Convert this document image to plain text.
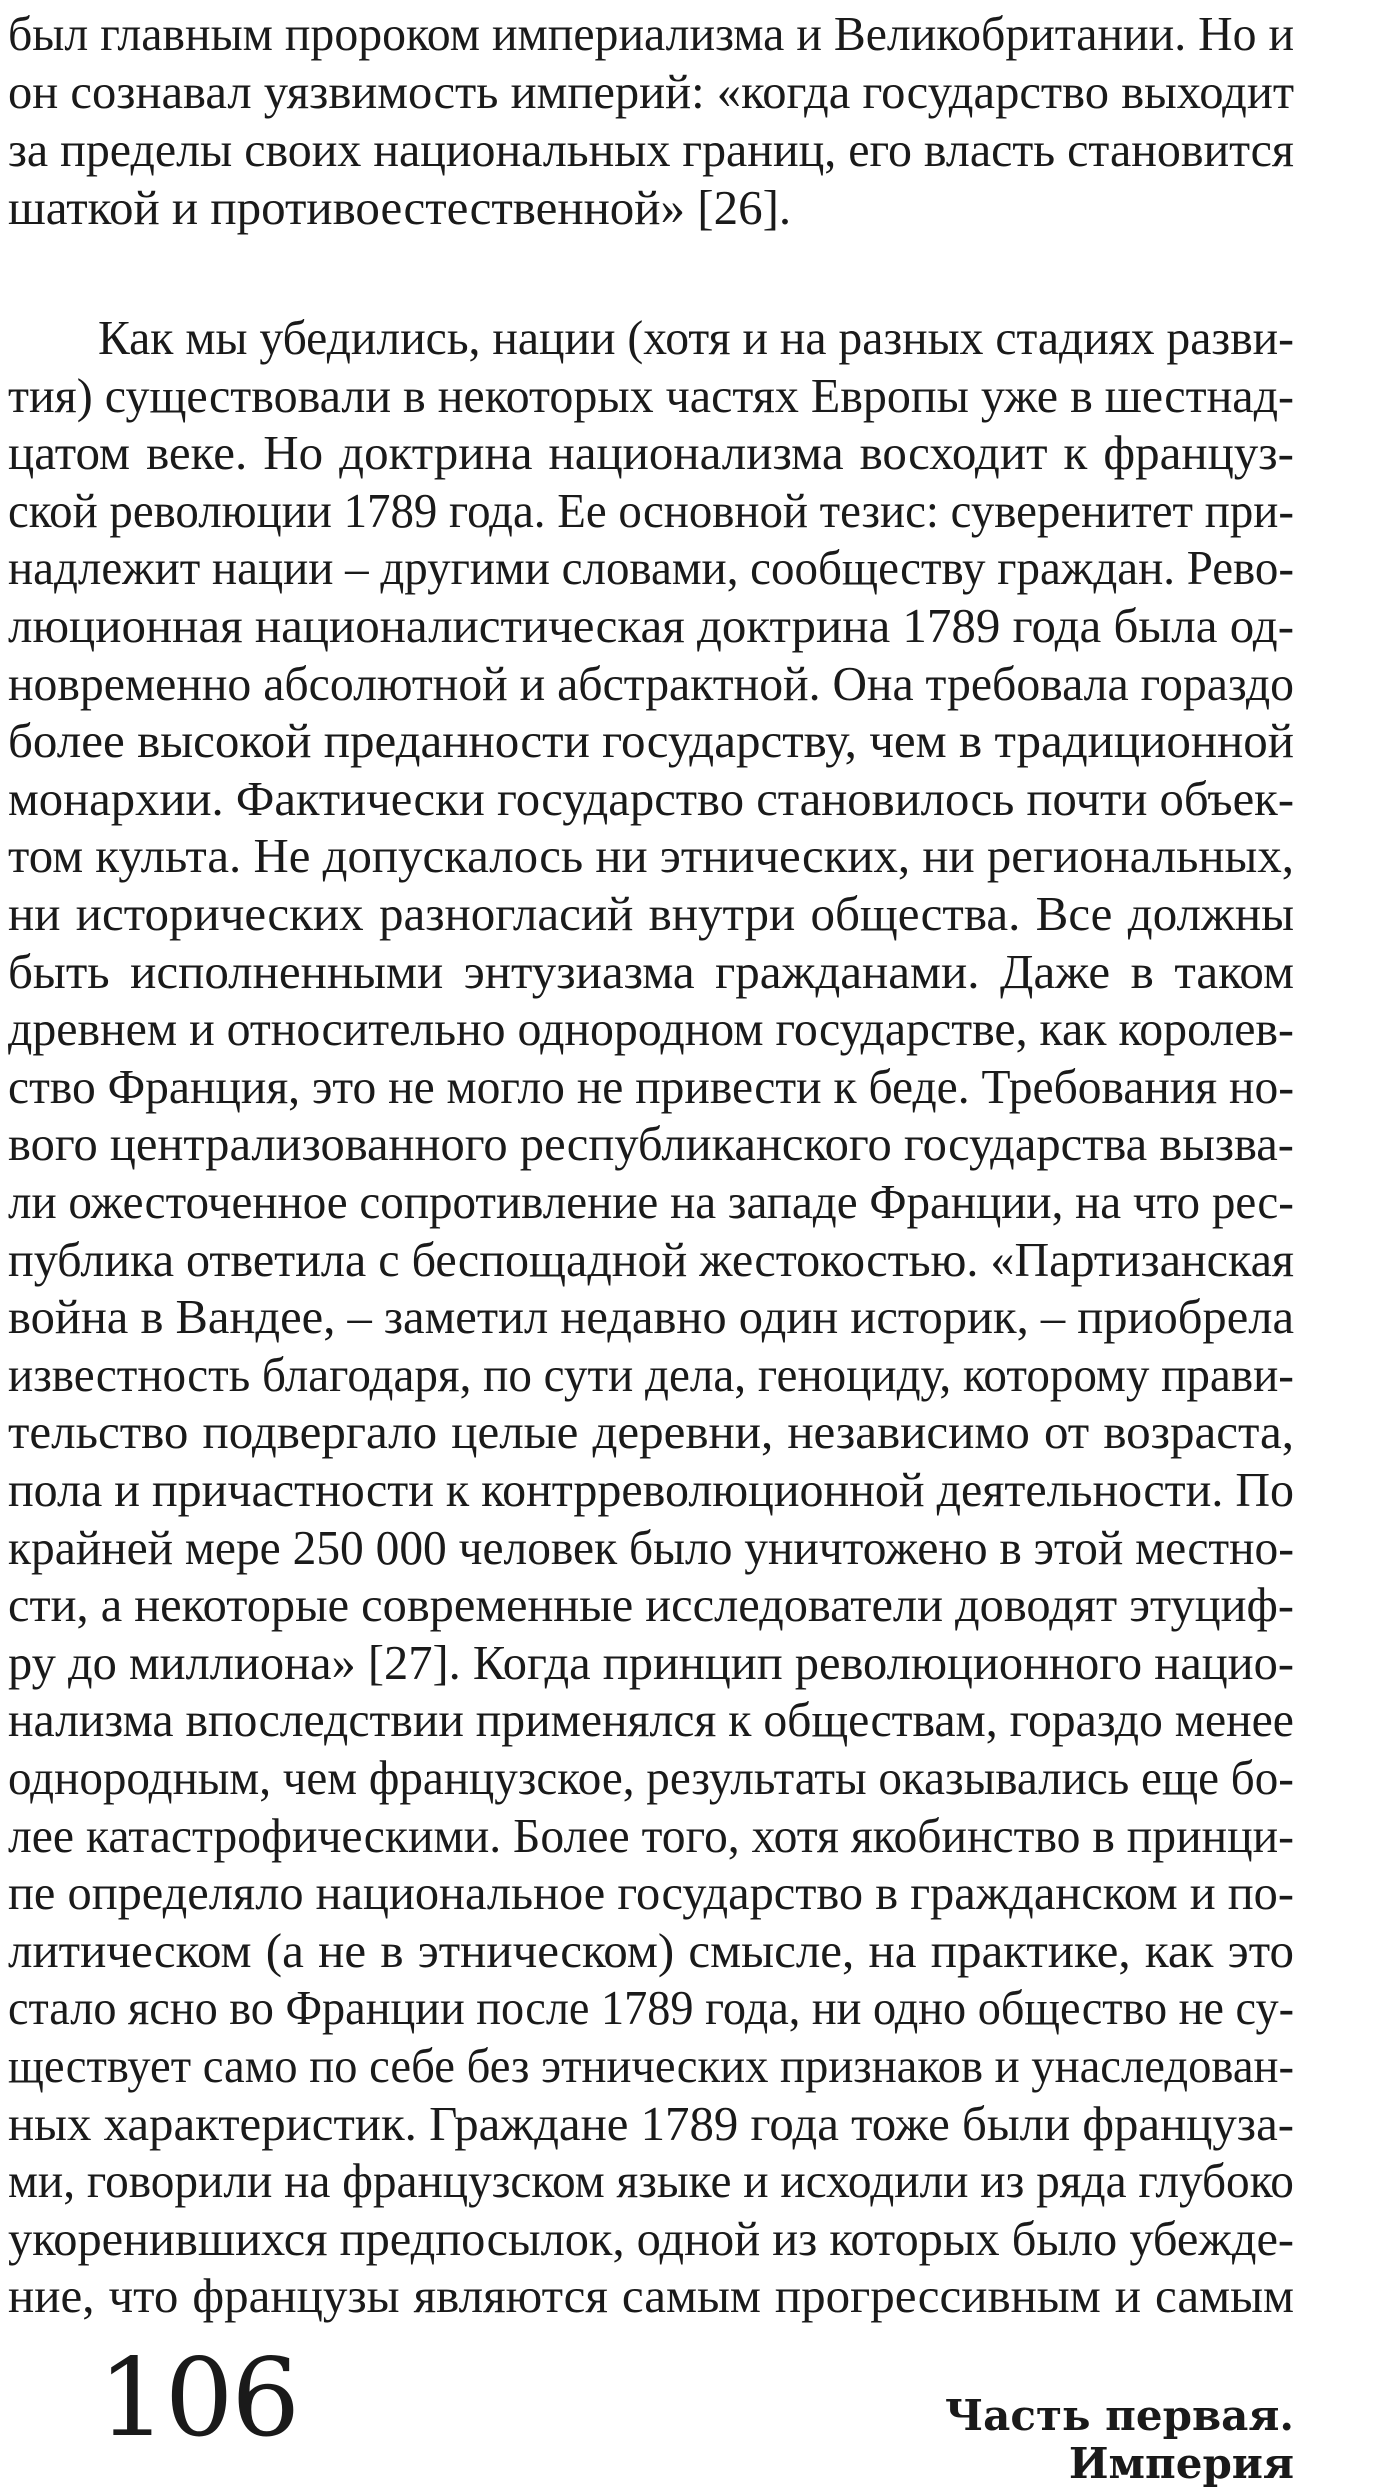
был главным пророком империализма и Великобритании. Но и

он сознавал уязвимость империй: «когда государство выходит

за пределы своих национальных границ, его власть становится

шаткой и противоестественной» [26].

Как мы убедились, нации (хотя и на разных стадиях разви-

тия) существовали в некоторых частях Европы уже в шестнад-

цатом веке. Но доктрина национализма восходит к француз-

ской революции 1789 года. Ее основной тезис: суверенитет при-

надлежит нации – другими словами, сообществу граждан. Рево-

люционная националистическая доктрина 1789 года была од-

новременно абсолютной и абстрактной. Она требовала гораздо

более высокой преданности государству, чем в традиционной

монархии. Фактически государство становилось почти объек-

том культа. Не допускалось ни этнических, ни региональных,

ни исторических разногласий внутри общества. Все должны

быть исполненными энтузиазма гражданами. Даже в таком

древнем и относительно однородном государстве, как королев-

ство Франция, это не могло не привести к беде. Требования но-

вого централизованного республиканского государства вызва-

ли ожесточенное сопротивление на западе Франции, на что рес-

публика ответила с беспощадной жестокостью. «Партизанская

война в Вандее, – заметил недавно один историк, – приобрела

известность благодаря, по сути дела, геноциду, которому прави-

тельство подвергало целые деревни, независимо от возраста,

пола и причастности к контрреволюционной деятельности. По

крайней мере 250 000 человек было уничтожено в этой местно-

сти, а некоторые современные исследователи доводят этуциф-

ру до миллиона» [27]. Когда принцип революционного нацио-

нализма впоследствии применялся к обществам, гораздо менее

однородным, чем французское, результаты оказывались еще бо-

лее катастрофическими. Более того, хотя якобинство в принци-

пе определяло национальное государство в гражданском и по-

литическом (а не в этническом) смысле, на практике, как это

стало ясно во Франции после 1789 года, ни одно общество не су-

ществует само по себе без этнических признаков и унаследован-

ных характеристик. Граждане 1789 года тоже были француза-

ми, говорили на французском языке и исходили из ряда глубоко

укоренившихся предпосылок, одной из которых было убежде-

ние, что французы являются самым прогрессивным и самым

106	Часть первая. Империя
